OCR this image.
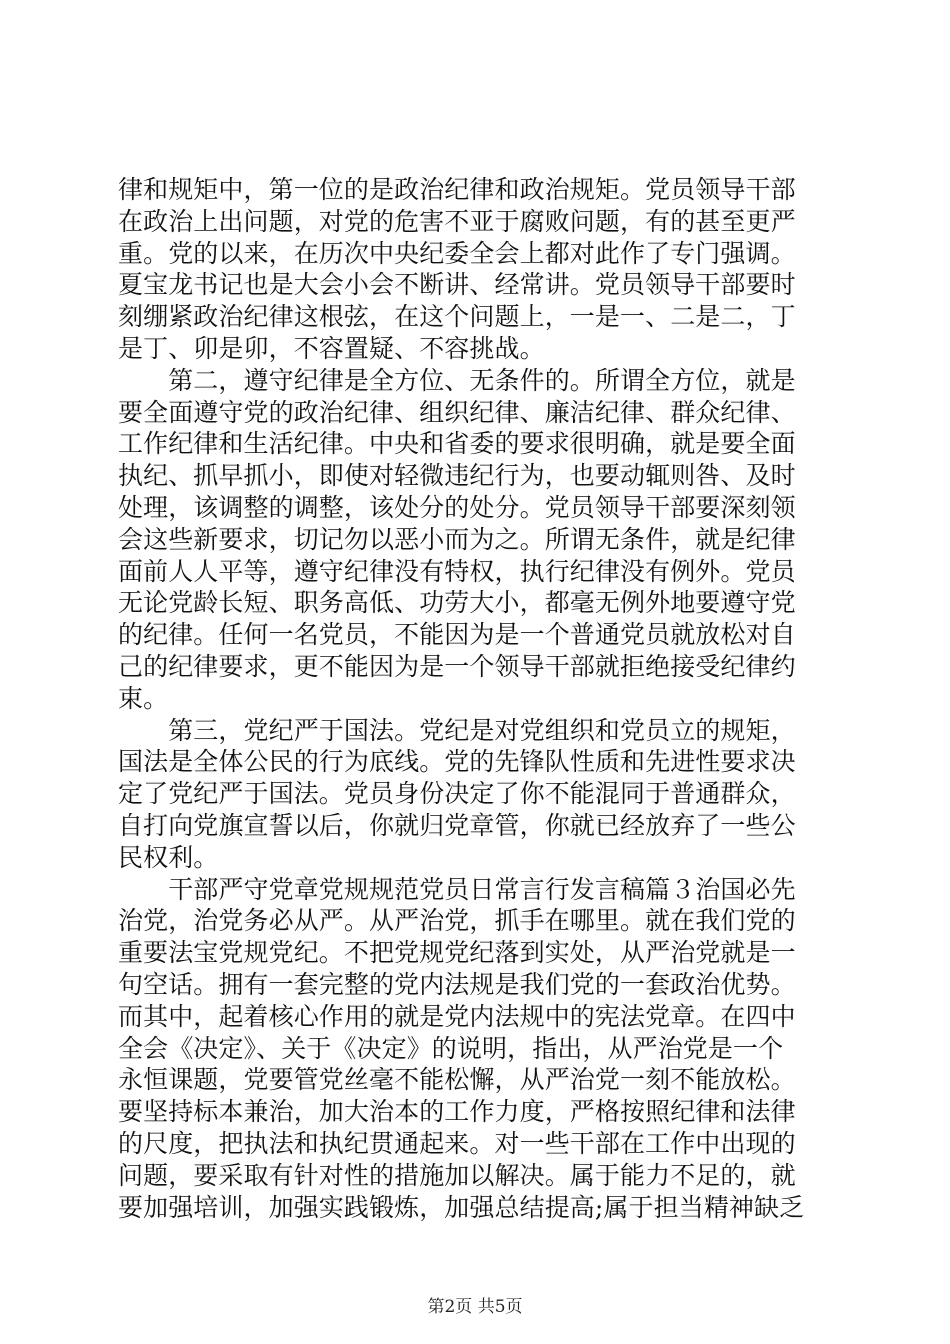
律和规矩中，第一位的是政治纪律和政治规矩。党员领导干部
在政治上出问题，对党的危害不亚于腐败问题，有的甚至更严
重。党的以来，在历次中央纪委全会上都对此作了专门强调。
夏宝龙书记也是大会小会不断讲、经常讲。党员领导干部要时
刻绷紧政治纪律这根弦，在这个问题上，一是一、二是二，丁
是丁、卯是卯，不容置疑、不容挑战。
　　第二，遵守纪律是全方位、无条件的。所谓全方位，就是
要全面遵守党的政治纪律、组织纪律、廉洁纪律、群众纪律、
工作纪律和生活纪律。中央和省委的要求很明确，就是要全面
执纪、抓早抓小，即使对轻微违纪行为，也要动辄则咎、及时
处理，该调整的调整，该处分的处分。党员领导干部要深刻领
会这些新要求，切记勿以恶小而为之。所谓无条件，就是纪律
面前人人平等，遵守纪律没有特权，执行纪律没有例外。党员
无论党龄长短、职务高低、功劳大小，都毫无例外地要遵守党
的纪律。任何一名党员，不能因为是一个普通党员就放松对自
己的纪律要求，更不能因为是一个领导干部就拒绝接受纪律约
束。
　　第三，党纪严于国法。党纪是对党组织和党员立的规矩，
国法是全体公民的行为底线。党的先锋队性质和先进性要求决
定了党纪严于国法。党员身份决定了你不能混同于普通群众，
自打向党旗宣誓以后，你就归党章管，你就已经放弃了一些公
民权利。
　　干部严守党章党规规范党员日常言行发言稿篇３治国必先
治党，治党务必从严。从严治党，抓手在哪里。就在我们党的
重要法宝党规党纪。不把党规党纪落到实处，从严治党就是一
句空话。拥有一套完整的党内法规是我们党的一套政治优势。
而其中，起着核心作用的就是党内法规中的宪法党章。在四中
全会《决定》、关于《决定》的说明，指出，从严治党是一个
永恒课题，党要管党丝毫不能松懈，从严治党一刻不能放松。
要坚持标本兼治，加大治本的工作力度，严格按照纪律和法律
的尺度，把执法和执纪贯通起来。对一些干部在工作中出现的
问题，要采取有针对性的措施加以解决。属于能力不足的，就
要加强培训，加强实践锻炼，加强总结提高;属于担当精神缺乏
第2页 共5页
